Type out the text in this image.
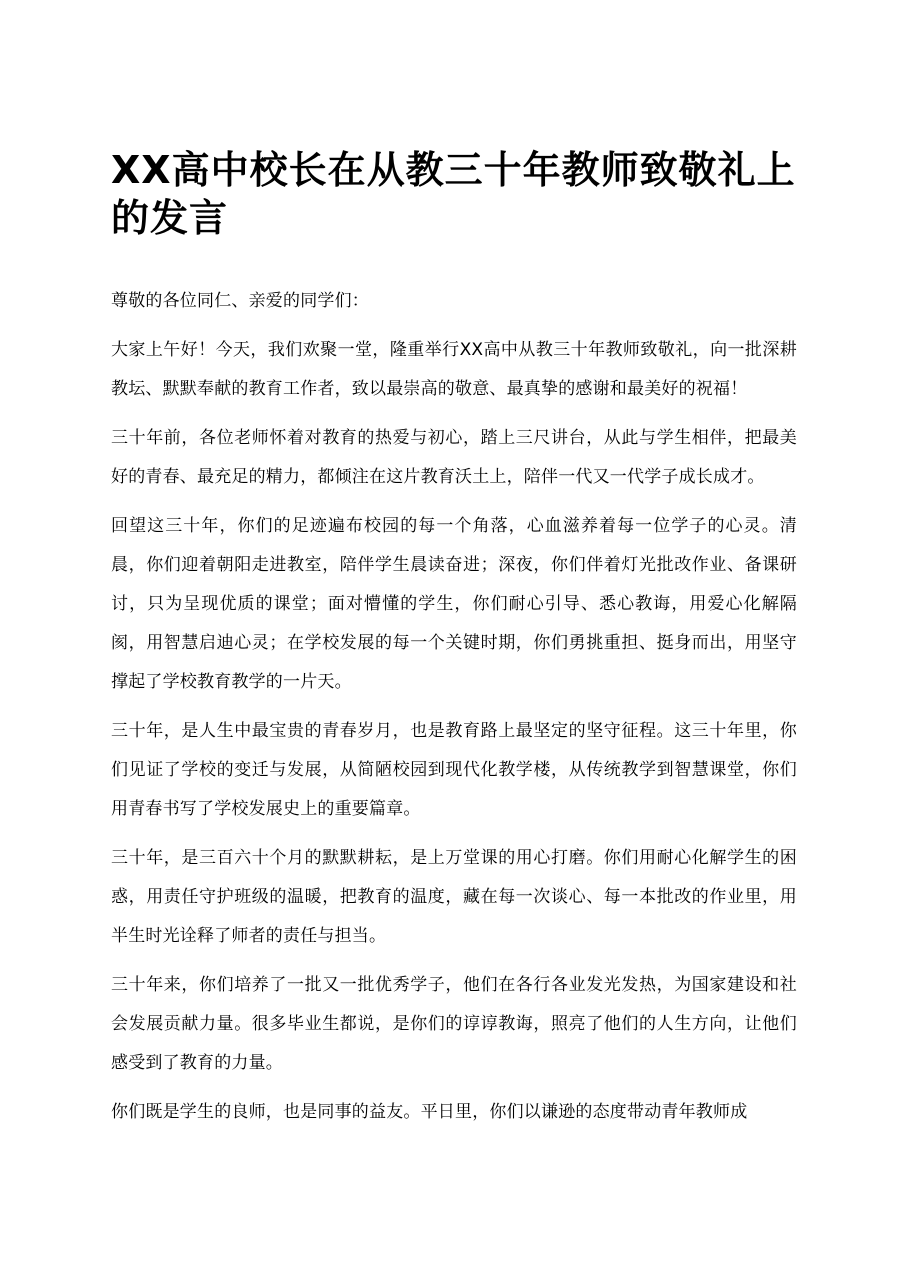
XX高中校长在从教三十年教师致敬礼上的发言

尊敬的各位同仁、亲爱的同学们：

大家上午好！今天，我们欢聚一堂，隆重举行XX高中从教三十年教师致敬礼，向一批深耕教坛、默默奉献的教育工作者，致以最崇高的敬意、最真挚的感谢和最美好的祝福！

三十年前，各位老师怀着对教育的热爱与初心，踏上三尺讲台，从此与学生相伴，把最美好的青春、最充足的精力，都倾注在这片教育沃土上，陪伴一代又一代学子成长成才。

回望这三十年，你们的足迹遍布校园的每一个角落，心血滋养着每一位学子的心灵。清晨，你们迎着朝阳走进教室，陪伴学生晨读奋进；深夜，你们伴着灯光批改作业、备课研讨，只为呈现优质的课堂；面对懵懂的学生，你们耐心引导、悉心教诲，用爱心化解隔阂，用智慧启迪心灵；在学校发展的每一个关键时期，你们勇挑重担、挺身而出，用坚守撑起了学校教育教学的一片天。

三十年，是人生中最宝贵的青春岁月，也是教育路上最坚定的坚守征程。这三十年里，你们见证了学校的变迁与发展，从简陋校园到现代化教学楼，从传统教学到智慧课堂，你们用青春书写了学校发展史上的重要篇章。

三十年，是三百六十个月的默默耕耘，是上万堂课的用心打磨。你们用耐心化解学生的困惑，用责任守护班级的温暖，把教育的温度，藏在每一次谈心、每一本批改的作业里，用半生时光诠释了师者的责任与担当。

三十年来，你们培养了一批又一批优秀学子，他们在各行各业发光发热，为国家建设和社会发展贡献力量。很多毕业生都说，是你们的谆谆教诲，照亮了他们的人生方向，让他们感受到了教育的力量。

你们既是学生的良师，也是同事的益友。平日里，你们以谦逊的态度带动青年教师成
